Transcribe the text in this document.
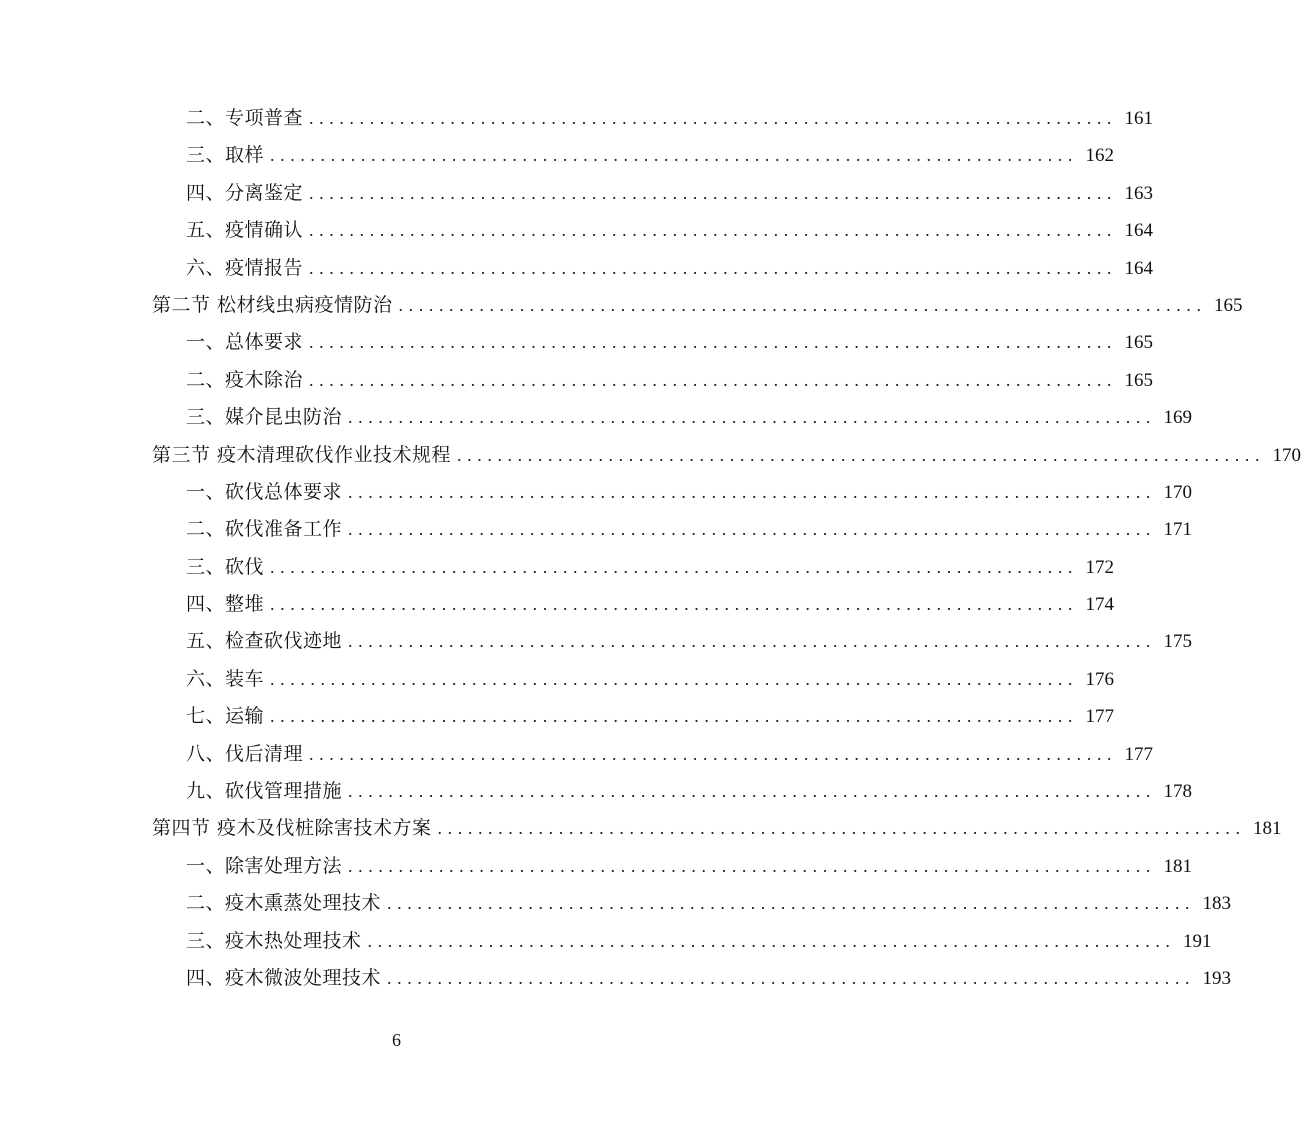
二、专项普查 ................................................................................ 161
三、取样 ................................................................................ 162
四、分离鉴定 ................................................................................ 163
五、疫情确认 ................................................................................ 164
六、疫情报告 ................................................................................ 164
第二节 松材线虫病疫情防治 ................................................................................ 165
一、总体要求 ................................................................................ 165
二、疫木除治 ................................................................................ 165
三、媒介昆虫防治 ................................................................................ 169
第三节 疫木清理砍伐作业技术规程 ................................................................................ 170
一、砍伐总体要求 ................................................................................ 170
二、砍伐准备工作 ................................................................................ 171
三、砍伐 ................................................................................ 172
四、整堆 ................................................................................ 174
五、检查砍伐迹地 ................................................................................ 175
六、装车 ................................................................................ 176
七、运输 ................................................................................ 177
八、伐后清理 ................................................................................ 177
九、砍伐管理措施 ................................................................................ 178
第四节 疫木及伐桩除害技术方案 ................................................................................ 181
一、除害处理方法 ................................................................................ 181
二、疫木熏蒸处理技术 ................................................................................ 183
三、疫木热处理技术 ................................................................................ 191
四、疫木微波处理技术 ................................................................................ 193
6
